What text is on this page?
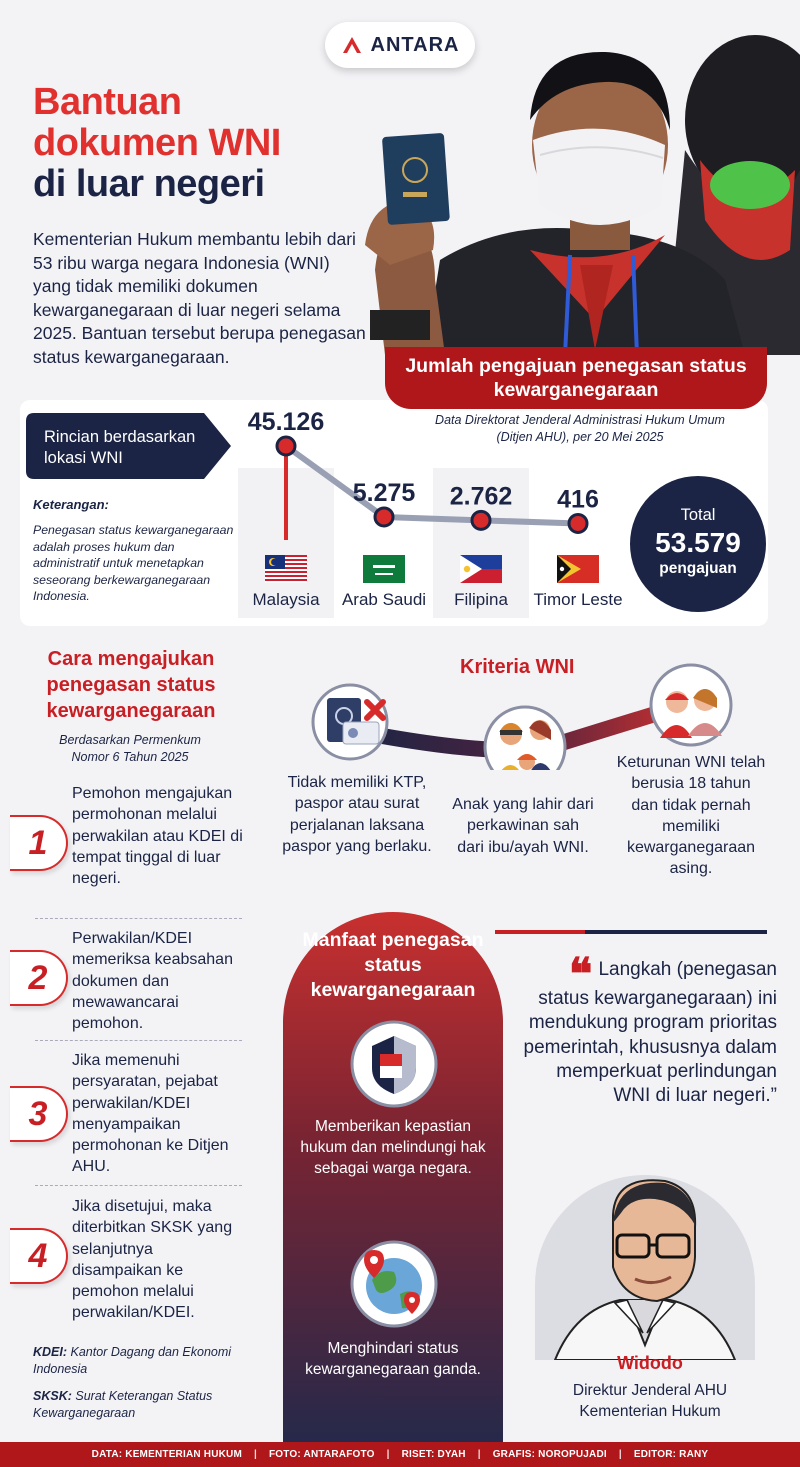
ANTARA
Bantuan
dokumen WNI
di luar negeri

Kementerian Hukum membantu lebih dari 53 ribu warga negara Indonesia (WNI) yang tidak memiliki dokumen kewarganegaraan di luar negeri selama 2025. Bantuan tersebut berupa penegasan status kewarganegaraan.	Jumlah pengajuan penegasan status kewarganegaraan
Data Direktorat Jenderal Administrasi Hukum Umum
(Ditjen AHU), per 20 Mei 2025
Rincian berdasarkan lokasi WNI
Keterangan:
Penegasan status kewarganegaraan adalah proses hukum dan administratif untuk menetapkan seseorang berkewarganegaraan Indonesia.
45.126
Malaysia
5.275
Arab Saudi
2.762
Filipina
416
Timor Leste
Total
53.579
pengajuan
Cara mengajukan penegasan status kewarganegaraan
Berdasarkan Permenkum Nomor 6 Tahun 2025
1
Pemohon mengajukan permohonan melalui perwakilan atau KDEI di tempat tinggal di luar negeri.
2
Perwakilan/KDEI memeriksa keabsahan dokumen dan mewawancarai pemohon.
3
Jika memenuhi persyaratan, pejabat perwakilan/KDEI menyampaikan permohonan ke Ditjen AHU.
4
Jika disetujui, maka diterbitkan SKSK yang selanjutnya disampaikan ke pemohon melalui perwakilan/KDEI.
KDEI: Kantor Dagang dan Ekonomi Indonesia
SKSK: Surat Keterangan Status Kewarganegaraan
Kriteria WNI
Tidak memiliki KTP, paspor atau surat perjalanan laksana paspor yang berlaku.
Anak yang lahir dari perkawinan sah dari ibu/ayah WNI.
Keturunan WNI telah berusia 18 tahun dan tidak pernah memiliki kewarganegaraan asing.
Manfaat penegasan status kewarganegaraan
Memberikan kepastian hukum dan melindungi hak sebagai warga negara.
Menghindari status kewarganegaraan ganda.
❝ Langkah (penegasan status kewarganegaraan) ini mendukung program prioritas pemerintah, khususnya dalam memperkuat perlindungan WNI di luar negeri.”
Widodo
Direktur Jenderal AHU Kementerian Hukum
DATA: KEMENTERIAN HUKUM | FOTO: ANTARAFOTO | RISET: DYAH | GRAFIS: NOROPUJADI | EDITOR: RANY
